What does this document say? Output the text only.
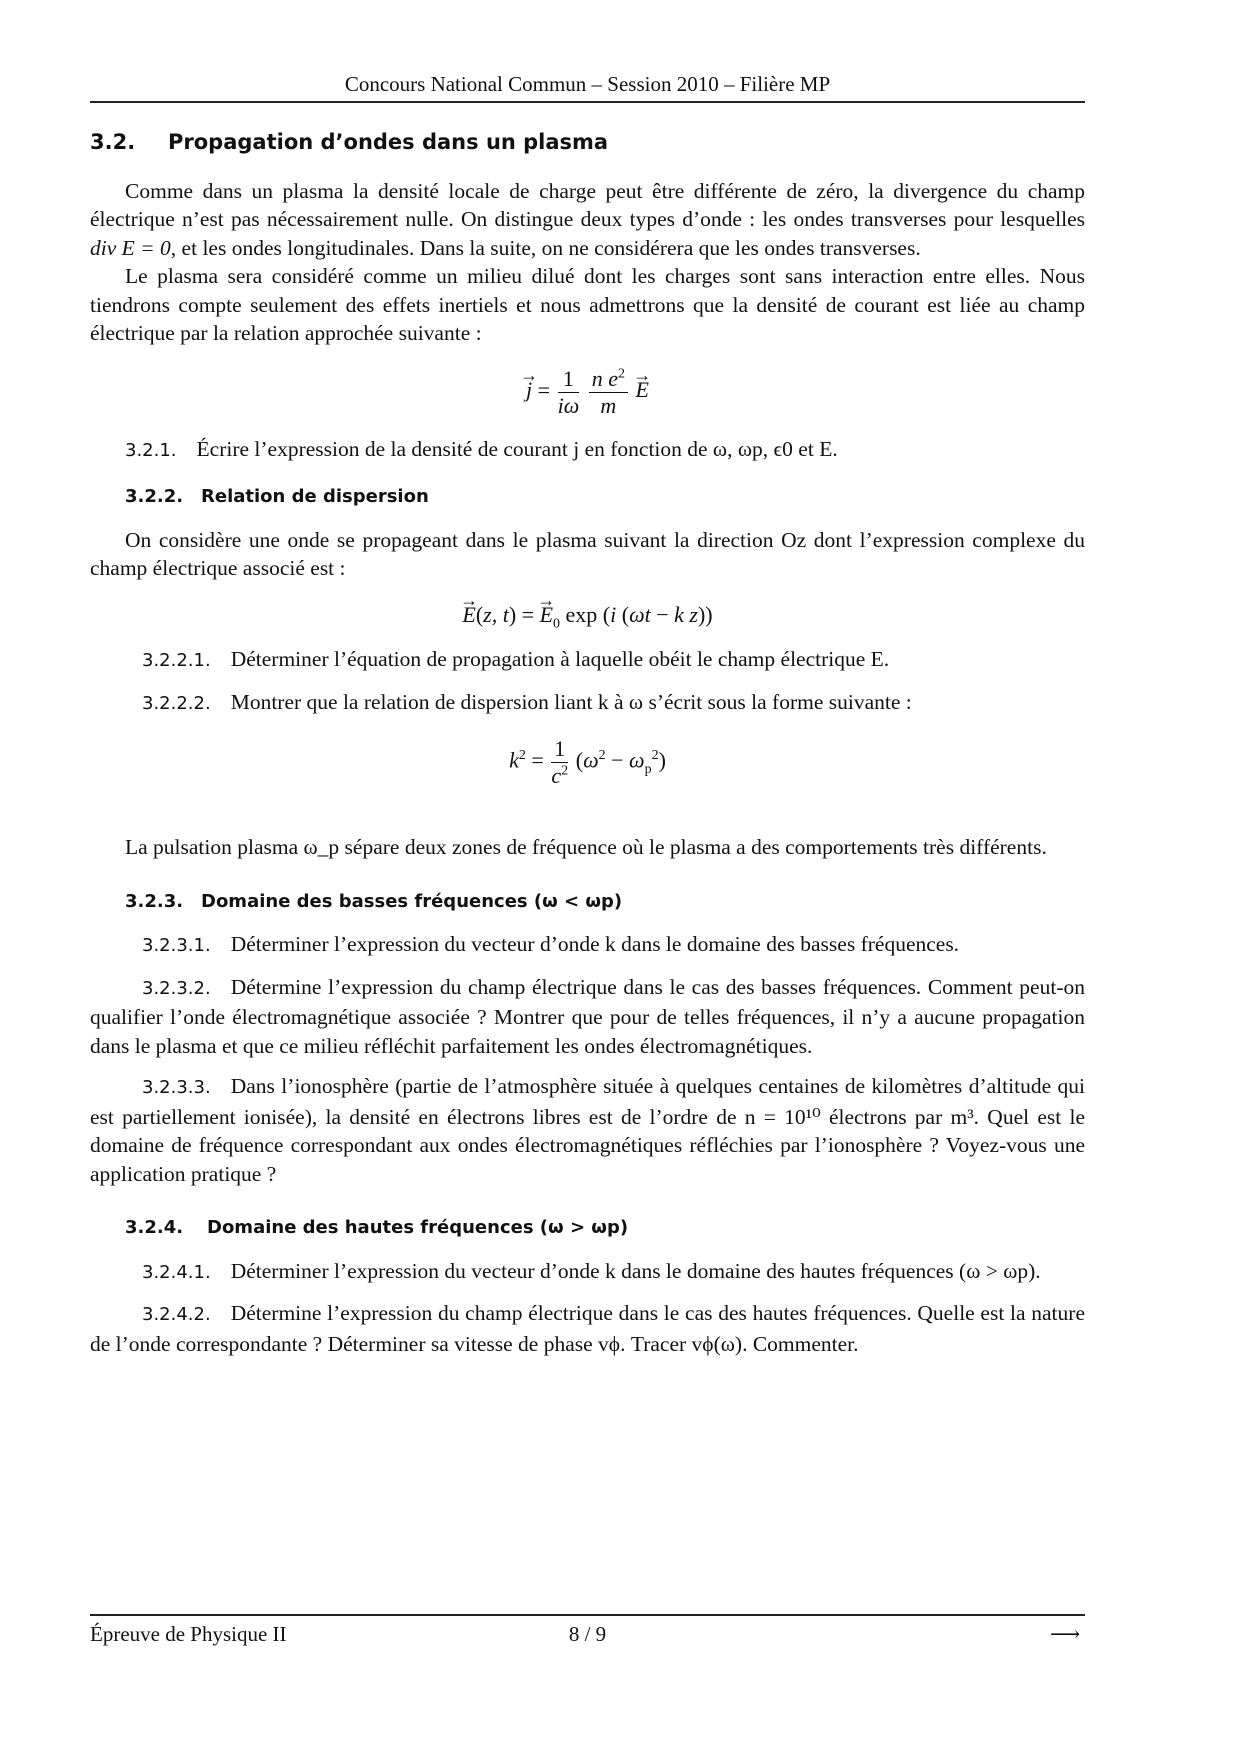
Concours National Commun – Session 2010 – Filière MP
3.2. Propagation d’ondes dans un plasma

Comme dans un plasma la densité locale de charge peut être différente de zéro, la divergence du champ électrique n’est pas nécessairement nulle. On distingue deux types d’onde : les ondes transverses pour lesquelles div E = 0, et les ondes longitudinales. Dans la suite, on ne considérera que les ondes transverses.

Le plasma sera considéré comme un milieu dilué dont les charges sont sans interaction entre elles. Nous tiendrons compte seulement des effets inertiels et nous admettrons que la densité de courant est liée au champ électrique par la relation approchée suivante :

→ $j = \frac{1}{i\omega}$
$\frac{n e^2}{m}$
→ E

3.2.1. Écrire l’expression de la densité de courant j en fonction de ω, ωp, ϵ0 et E.

3.2.2. Relation de dispersion

On considère une onde se propageant dans le plasma suivant la direction Oz dont l’expression complexe du champ électrique associé est :

→ E(z, t) = → $E_0$ exp (i (ωt − k z))

3.2.2.1. Déterminer l’équation de propagation à laquelle obéit le champ électrique E.

3.2.2.2. Montrer que la relation de dispersion liant k à ω s’écrit sous la forme suivante :

$k^2 = \frac{1}{c^2} (\omega^2 - \omega_p^2)$

La pulsation plasma ω_p sépare deux zones de fréquence où le plasma a des comportements très différents.

3.2.3. Domaine des basses fréquences (ω < ωp)

3.2.3.1. Déterminer l’expression du vecteur d’onde k dans le domaine des basses fréquences.

3.2.3.2. Détermine l’expression du champ électrique dans le cas des basses fréquences. Comment peut-on qualifier l’onde électromagnétique associée ? Montrer que pour de telles fréquences, il n’y a aucune propagation dans le plasma et que ce milieu réfléchit parfaitement les ondes électromagnétiques.

3.2.3.3. Dans l’ionosphère (partie de l’atmosphère située à quelques centaines de kilomètres d’altitude qui est partiellement ionisée), la densité en électrons libres est de l’ordre de n = 10¹⁰ électrons par m³. Quel est le domaine de fréquence correspondant aux ondes électromagnétiques réfléchies par l’ionosphère ? Voyez-vous une application pratique ?

3.2.4. Domaine des hautes fréquences (ω > ωp)

3.2.4.1. Déterminer l’expression du vecteur d’onde k dans le domaine des hautes fréquences (ω > ωp).

3.2.4.2. Détermine l’expression du champ électrique dans le cas des hautes fréquences. Quelle est la nature de l’onde correspondante ? Déterminer sa vitesse de phase vϕ. Tracer vϕ(ω). Commenter.

Épreuve de Physique II	8 / 9	⟶
